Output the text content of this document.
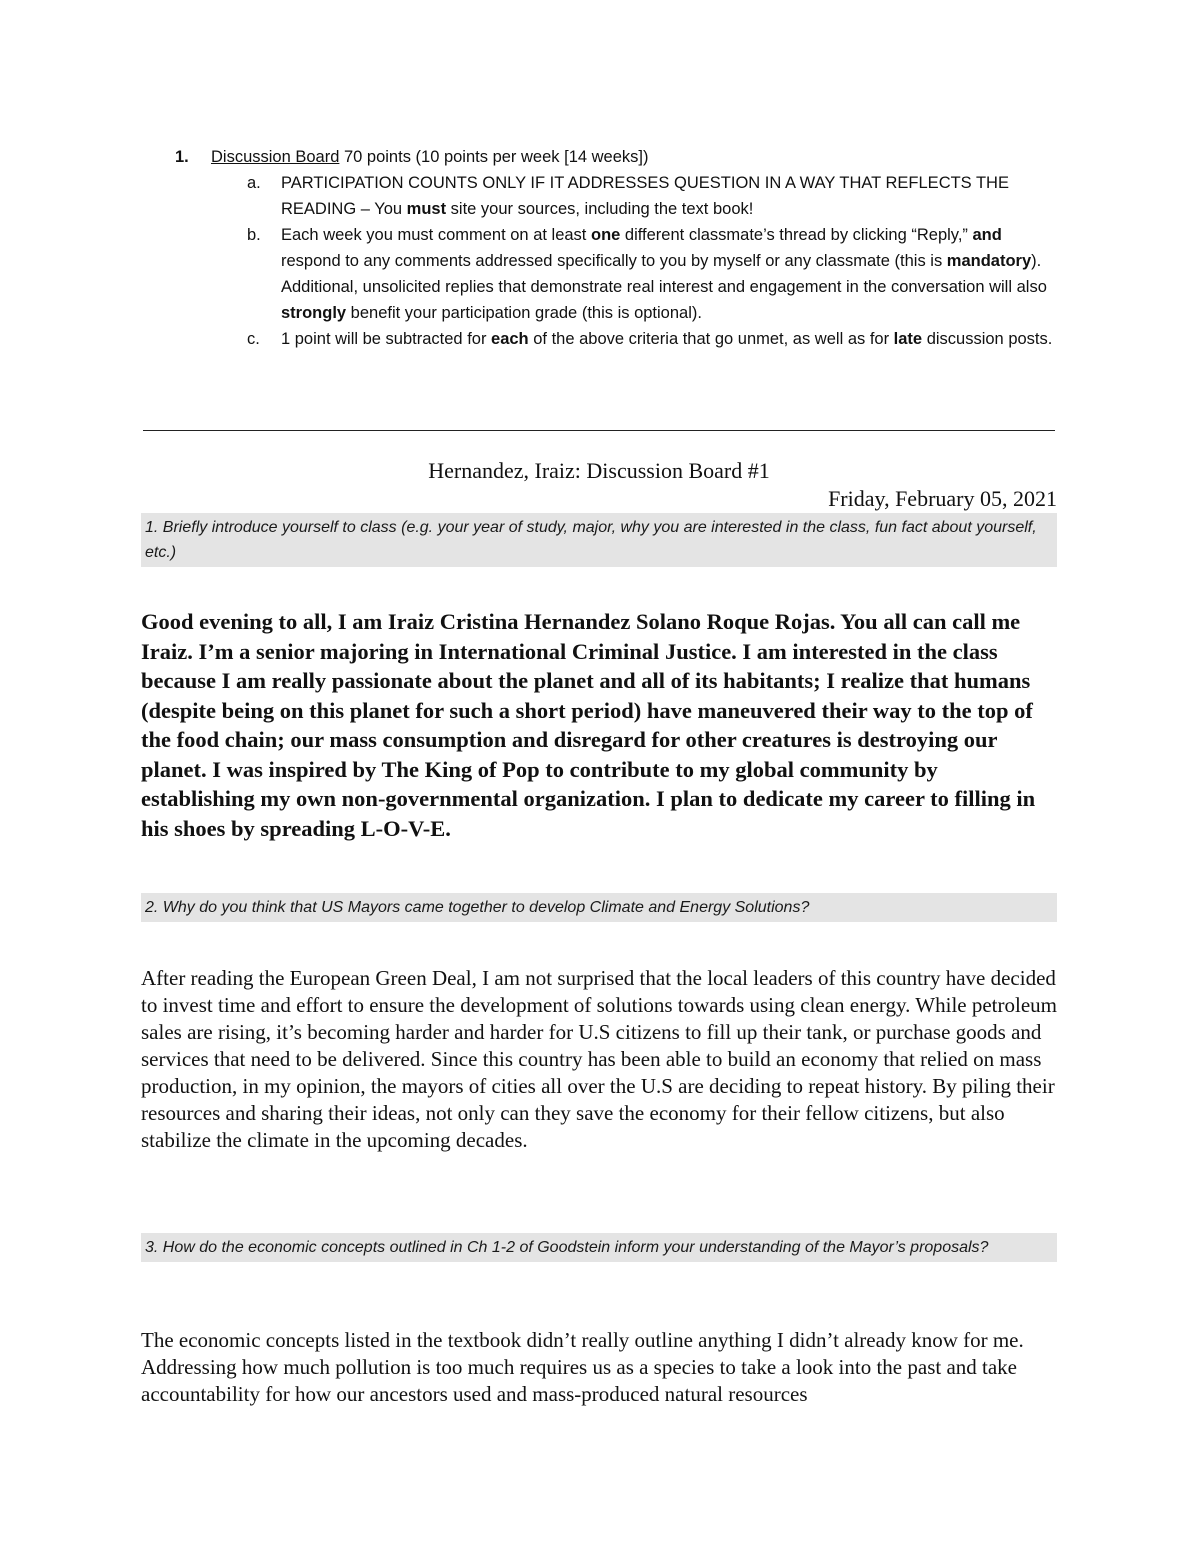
1. Discussion Board 70 points (10 points per week [14 weeks])
a. PARTICIPATION COUNTS ONLY IF IT ADDRESSES QUESTION IN A WAY THAT REFLECTS THE READING – You must site your sources, including the text book!
b. Each week you must comment on at least one different classmate’s thread by clicking “Reply,” and respond to any comments addressed specifically to you by myself or any classmate (this is mandatory). Additional, unsolicited replies that demonstrate real interest and engagement in the conversation will also strongly benefit your participation grade (this is optional).
c. 1 point will be subtracted for each of the above criteria that go unmet, as well as for late discussion posts.
Hernandez, Iraiz: Discussion Board #1
Friday, February 05, 2021
1. Briefly introduce yourself to class (e.g. your year of study, major, why you are interested in the class, fun fact about yourself, etc.)
Good evening to all, I am Iraiz Cristina Hernandez Solano Roque Rojas. You all can call me Iraiz. I’m a senior majoring in International Criminal Justice. I am interested in the class because I am really passionate about the planet and all of its habitants; I realize that humans (despite being on this planet for such a short period) have maneuvered their way to the top of the food chain; our mass consumption and disregard for other creatures is destroying our planet. I was inspired by The King of Pop to contribute to my global community by establishing my own non-governmental organization. I plan to dedicate my career to filling in his shoes by spreading L-O-V-E.
2. Why do you think that US Mayors came together to develop Climate and Energy Solutions?
After reading the European Green Deal, I am not surprised that the local leaders of this country have decided to invest time and effort to ensure the development of solutions towards using clean energy. While petroleum sales are rising, it’s becoming harder and harder for U.S citizens to fill up their tank, or purchase goods and services that need to be delivered. Since this country has been able to build an economy that relied on mass production, in my opinion, the mayors of cities all over the U.S are deciding to repeat history. By piling their resources and sharing their ideas, not only can they save the economy for their fellow citizens, but also stabilize the climate in the upcoming decades.
3. How do the economic concepts outlined in Ch 1-2 of Goodstein inform your understanding of the Mayor’s proposals?
The economic concepts listed in the textbook didn’t really outline anything I didn’t already know for me. Addressing how much pollution is too much requires us as a species to take a look into the past and take accountability for how our ancestors used and mass-produced natural resources
